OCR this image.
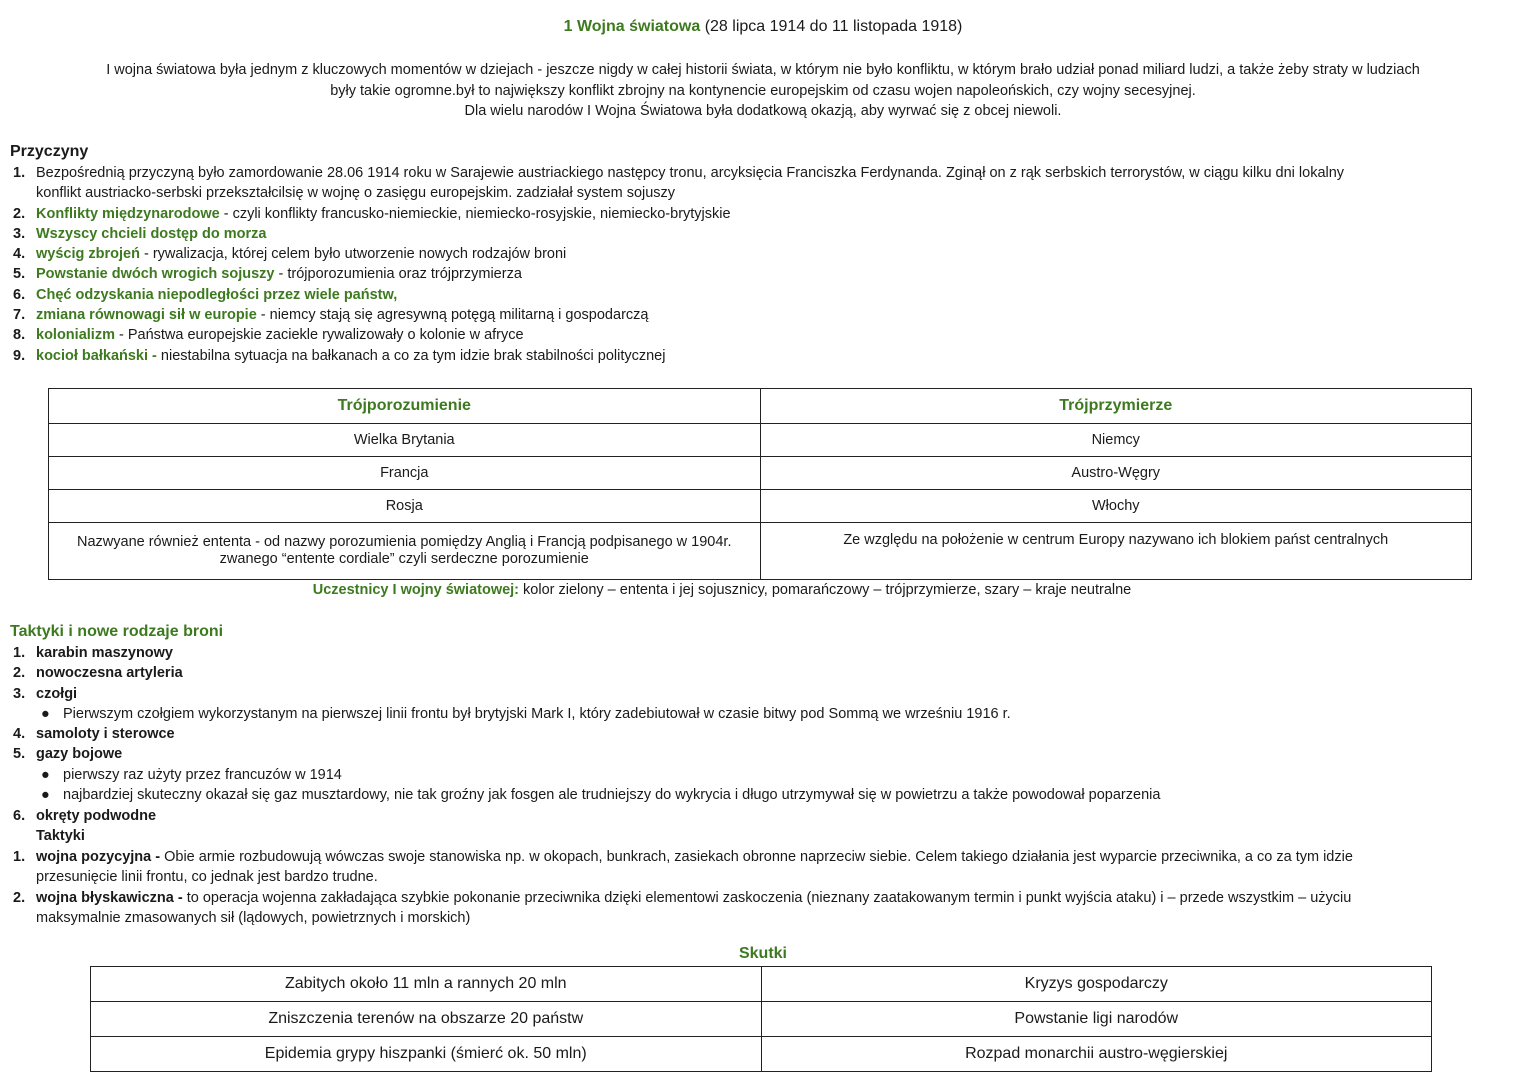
1 Wojna światowa (28 lipca 1914 do 11 listopada 1918)
I wojna światowa była jednym z kluczowych momentów w dziejach - jeszcze nigdy w całej historii świata, w którym nie było konfliktu, w którym brało udział ponad miliard ludzi, a także żeby straty w ludziach
były takie ogromne.był to największy konflikt zbrojny na kontynencie europejskim od czasu wojen napoleońskich, czy wojny secesyjnej.
Dla wielu narodów I Wojna Światowa była dodatkową okazją, aby wyrwać się z obcej niewoli.
Przyczyny
1. Bezpośrednią przyczyną było zamordowanie 28.06 1914 roku w Sarajewie austriackiego następcy tronu, arcyksięcia Franciszka Ferdynanda. Zginął on z rąk serbskich terrorystów, w ciągu kilku dni lokalny
konflikt austriacko-serbski przekształcilsię w wojnę o zasięgu europejskim. zadziałał system sojuszy
2. Konflikty międzynarodowe - czyli konflikty francusko-niemieckie, niemiecko-rosyjskie, niemiecko-brytyjskie
3. Wszyscy chcieli dostęp do morza
4. wyścig zbrojeń - rywalizacja, której celem było utworzenie nowych rodzajów broni
5. Powstanie dwóch wrogich sojuszy - trójporozumienia oraz trójprzymierza
6. Chęć odzyskania niepodległości przez wiele państw,
7. zmiana równowagi sił w europie - niemcy stają się agresywną potęgą militarną i gospodarczą
8. kolonializm - Państwa europejskie zaciekle rywalizowały o kolonie w afryce
9. kocioł bałkański - niestabilna sytuacja na bałkanach a co za tym idzie brak stabilności politycznej
Trójporozumienie	Trójprzymierze
Wielka Brytania	Niemcy
Francja	Austro-Węgry
Rosja	Włochy
Nazwyane również ententa - od nazwy porozumienia pomiędzy Anglią i Francją podpisanego w 1904r.
zwanego “entente cordiale” czyli serdeczne porozumienie	Ze względu na położenie w centrum Europy nazywano ich blokiem państ centralnych
Uczestnicy I wojny światowej: kolor zielony – ententa i jej sojusznicy, pomarańczowy – trójprzymierze, szary – kraje neutralne
Taktyki i nowe rodzaje broni
1. karabin maszynowy
2. nowoczesna artyleria
3. czołgi
● Pierwszym czołgiem wykorzystanym na pierwszej linii frontu był brytyjski Mark I, który zadebiutował w czasie bitwy pod Sommą we wrześniu 1916 r.
4. samoloty i sterowce
5. gazy bojowe
● pierwszy raz użyty przez francuzów w 1914
● najbardziej skuteczny okazał się gaz musztardowy, nie tak groźny jak fosgen ale trudniejszy do wykrycia i długo utrzymywał się w powietrzu a także powodował poparzenia
6. okręty podwodne
Taktyki
1. wojna pozycyjna - Obie armie rozbudowują wówczas swoje stanowiska np. w okopach, bunkrach, zasiekach obronne naprzeciw siebie. Celem takiego działania jest wyparcie przeciwnika, a co za tym idzie
przesunięcie linii frontu, co jednak jest bardzo trudne.
2. wojna błyskawiczna - to operacja wojenna zakładająca szybkie pokonanie przeciwnika dzięki elementowi zaskoczenia (nieznany zaatakowanym termin i punkt wyjścia ataku) i – przede wszystkim – użyciu
maksymalnie zmasowanych sił (lądowych, powietrznych i morskich)
Skutki
Zabitych około 11 mln a rannych 20 mln	Kryzys gospodarczy
Zniszczenia terenów na obszarze 20 państw	Powstanie ligi narodów
Epidemia grypy hiszpanki (śmierć ok. 50 mln)	Rozpad monarchii austro-węgierskiej
